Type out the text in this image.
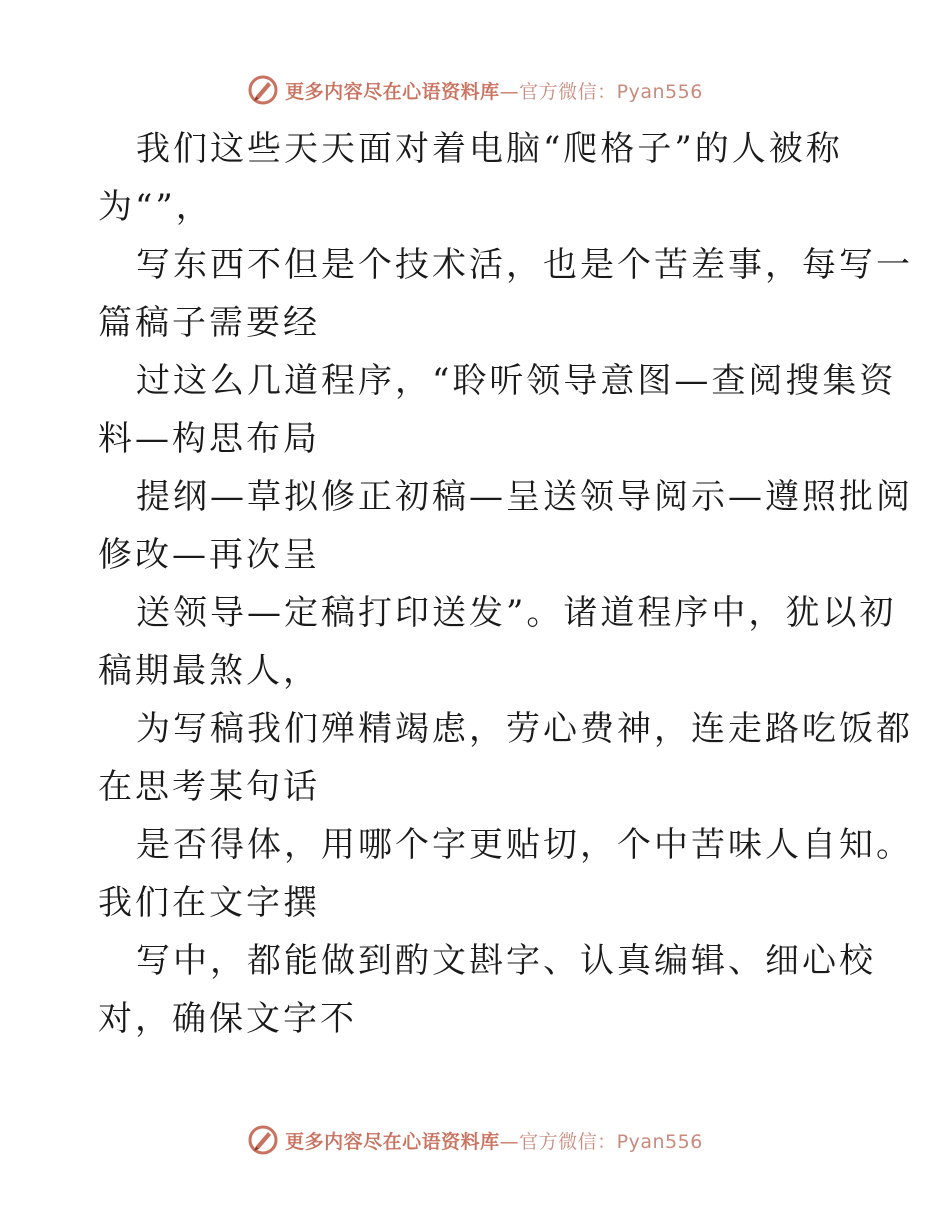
更多内容尽在心语资料库—官方微信：Pyan556
我们这些天天面对着电脑“爬格子”的人被称
为“”，
写东西不但是个技术活，也是个苦差事，每写一
篇稿子需要经
过这么几道程序，“聆听领导意图—查阅搜集资
料—构思布局
提纲—草拟修正初稿—呈送领导阅示—遵照批阅
修改—再次呈
送领导—定稿打印送发”。诸道程序中，犹以初
稿期最煞人，
为写稿我们殚精竭虑，劳心费神，连走路吃饭都
在思考某句话
是否得体，用哪个字更贴切，个中苦味人自知。
我们在文字撰
写中，都能做到酌文斟字、认真编辑、细心校
对，确保文字不
更多内容尽在心语资料库—官方微信：Pyan556
